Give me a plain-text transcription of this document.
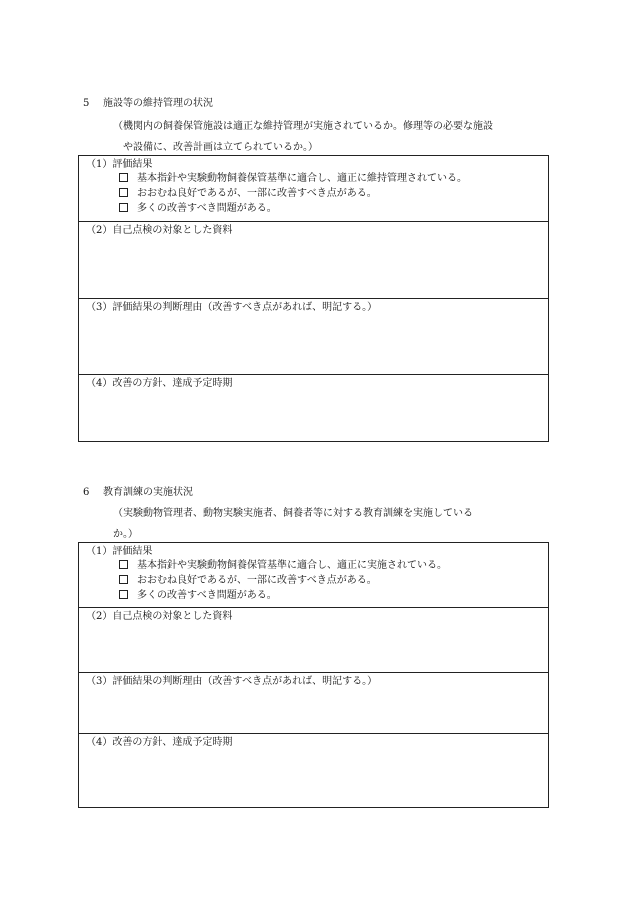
5 施設等の維持管理の状況
（機関内の飼養保管施設は適正な維持管理が実施されているか。修理等の必要な施設
や設備に、改善計画は立てられているか。）
（1）評価結果
基本指針や実験動物飼養保管基準に適合し、適正に維持管理されている。
おおむね良好であるが、一部に改善すべき点がある。
多くの改善すべき問題がある。
（2）自己点検の対象とした資料
（3）評価結果の判断理由（改善すべき点があれば、明記する。）
（4）改善の方針、達成予定時期
6 教育訓練の実施状況
（実験動物管理者、動物実験実施者、飼養者等に対する教育訓練を実施している
か。）
（1）評価結果
基本指針や実験動物飼養保管基準に適合し、適正に実施されている。
おおむね良好であるが、一部に改善すべき点がある。
多くの改善すべき問題がある。
（2）自己点検の対象とした資料
（3）評価結果の判断理由（改善すべき点があれば、明記する。）
（4）改善の方針、達成予定時期
